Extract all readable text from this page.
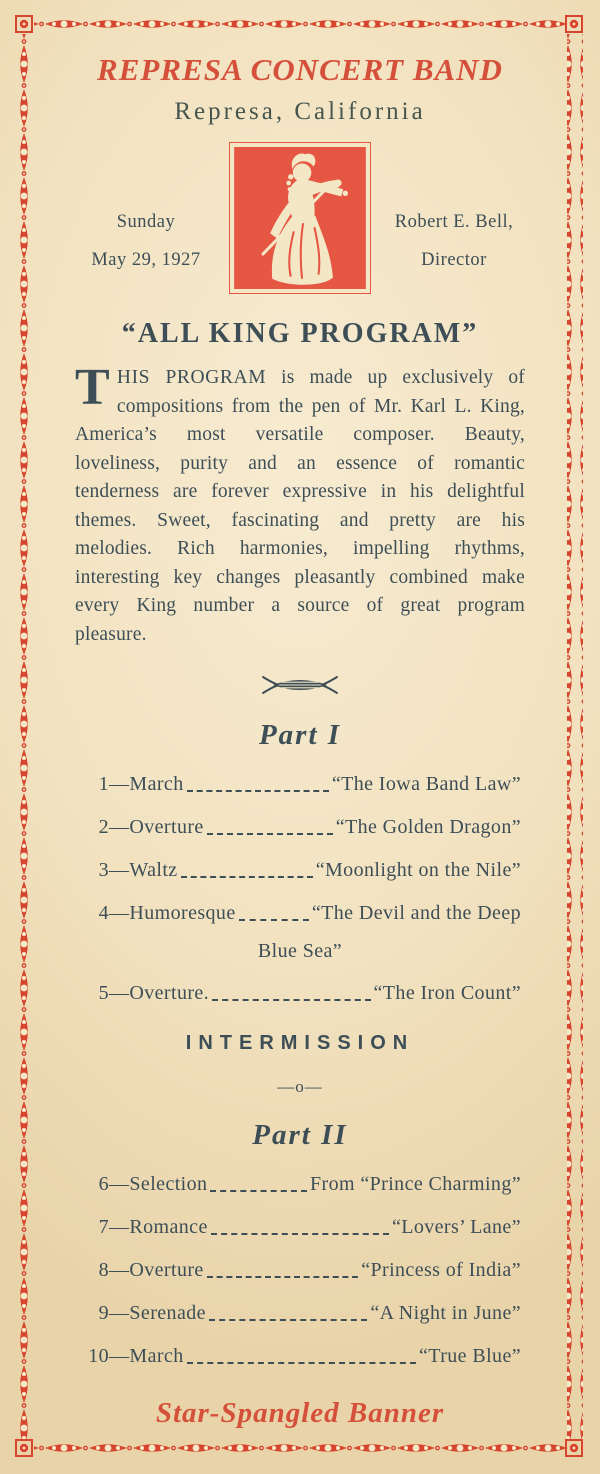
REPRESA CONCERT BAND
Represa, California
Sunday
May 29, 1927
Robert E. Bell,
Director
“ALL KING PROGRAM”

THIS PROGRAM is made up exclusively of compositions from the pen of Mr. Karl L. King, America’s most versatile composer. Beauty, loveliness, purity and an essence of romantic tenderness are forever expressive in his delightful themes. Sweet, fascinating and pretty are his melodies. Rich harmonies, impelling rhythms, interesting key changes pleasantly combined make every King number a source of great program pleasure.

Part I
1 — March	“The Iowa Band Law”
2 — Overture	“The Golden Dragon”
3 — Waltz	“Moonlight on the Nile”
4 — Humoresque	“The Devil and the Deep
Blue Sea”
5 — Overture.	“The Iron Count”
INTERMISSION
—o—
Part II
6 — Selection	From “Prince Charming”
7 — Romance	“Lovers’ Lane”
8 — Overture	“Princess of India”
9 — Serenade	“A Night in June”
10 — March	“True Blue”
Star-Spangled Banner
